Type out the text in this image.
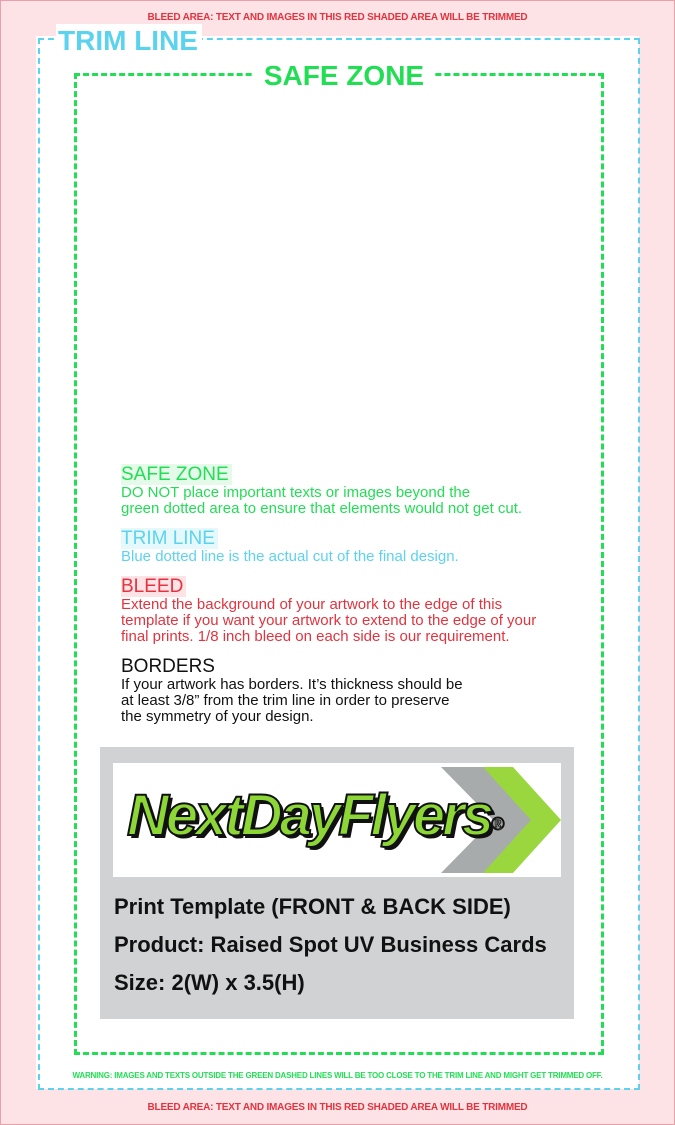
BLEED AREA: TEXT AND IMAGES IN THIS RED SHADED AREA WILL BE TRIMMED
TRIM LINE
SAFE ZONE
SAFE ZONE
DO NOT place important texts or images beyond the
green dotted area to ensure that elements would not get cut.
TRIM LINE
Blue dotted line is the actual cut of the final design.
BLEED
Extend the background of your artwork to the edge of this
template if you want your artwork to extend to the edge of your
final prints. 1/8 inch bleed on each side is our requirement.
BORDERS
If your artwork has borders. It’s thickness should be
at least 3/8” from the trim line in order to preserve
the symmetry of your design.
NextDayFlyers®
Print Template (FRONT & BACK SIDE)
Product: Raised Spot UV Business Cards
Size: 2(W) x 3.5(H)
WARNING: IMAGES AND TEXTS OUTSIDE THE GREEN DASHED LINES WILL BE TOO CLOSE TO THE TRIM LINE AND MIGHT GET TRIMMED OFF.
BLEED AREA: TEXT AND IMAGES IN THIS RED SHADED AREA WILL BE TRIMMED
